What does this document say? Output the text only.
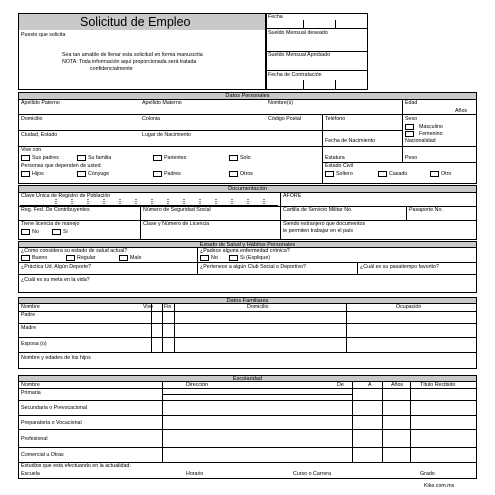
Solicitud de Empleo
Puesto que solicita
Sea tan amable de llenar esta solicitud en forma manuscrita
NOTA: Toda información aquí proporcionada será tratada
confidencialmente
Fecha
Sueldo Mensual deseado
Sueldo Mensual Aprobado
Fecha de Contratación
Datos Personales
Apellido Paterno	Apellido Materno	Nombre(s)	Edad
Años
Domicilio	Colonia	Código Postal	Teléfono	Sexo
Masculino
Femenino
Ciudad, Estado	Lugar de Nacimiento
Fecha de Nacimiento	Nacionalidad
Vive con
Sus padres	Su familia	Parientes	Solo	Estatura	Peso
Personas que dependen de usted
Hijos	Cónyuge	Padres	Otros
Estado Civil
Soltero	Casado	Otro
Documentación
Clave Única de Registro de Población	AFORE
Reg. Fed. De Contribuyentes	Número de Seguridad Social	Cartilla de Servicio Militar No.	Pasaporte No.
Tiene licencia de manejo
No	Si
Clase y Número de Licencia	Siendo extranjero que documentos
le permiten trabajar en el país
Estado de Salud y Hábitos Personales
¿Como considera su estado de salud actual?
Bueno	Regular	Malo
¿Padece alguna enfermedad crónica?
No	Si (Explique)
¿Práctica Ud. Algún Deporte?	¿Pertenece a algún Club Social o Deportivo?	¿Cuál es su pasatiempo favorito?
¿Cuál es su meta en la vida?
Datos Familiares
Nombre	Vive Fin	Domicilio	Ocupación
Padre
Madre
Esposa (o)
Nombre y edades de los hijos
Escolaridad
Nombre	Dirección	De	A	Años	Título Recibido
Primaria
Secundaria o Prevocacional
Preparatoria o Vocacional
Profesional
Comercial u Otras
Estudios que esta efectuando en la actualidad:
Escuela	Horario	Curso o Carrera	Grado
Kike.com.mx
